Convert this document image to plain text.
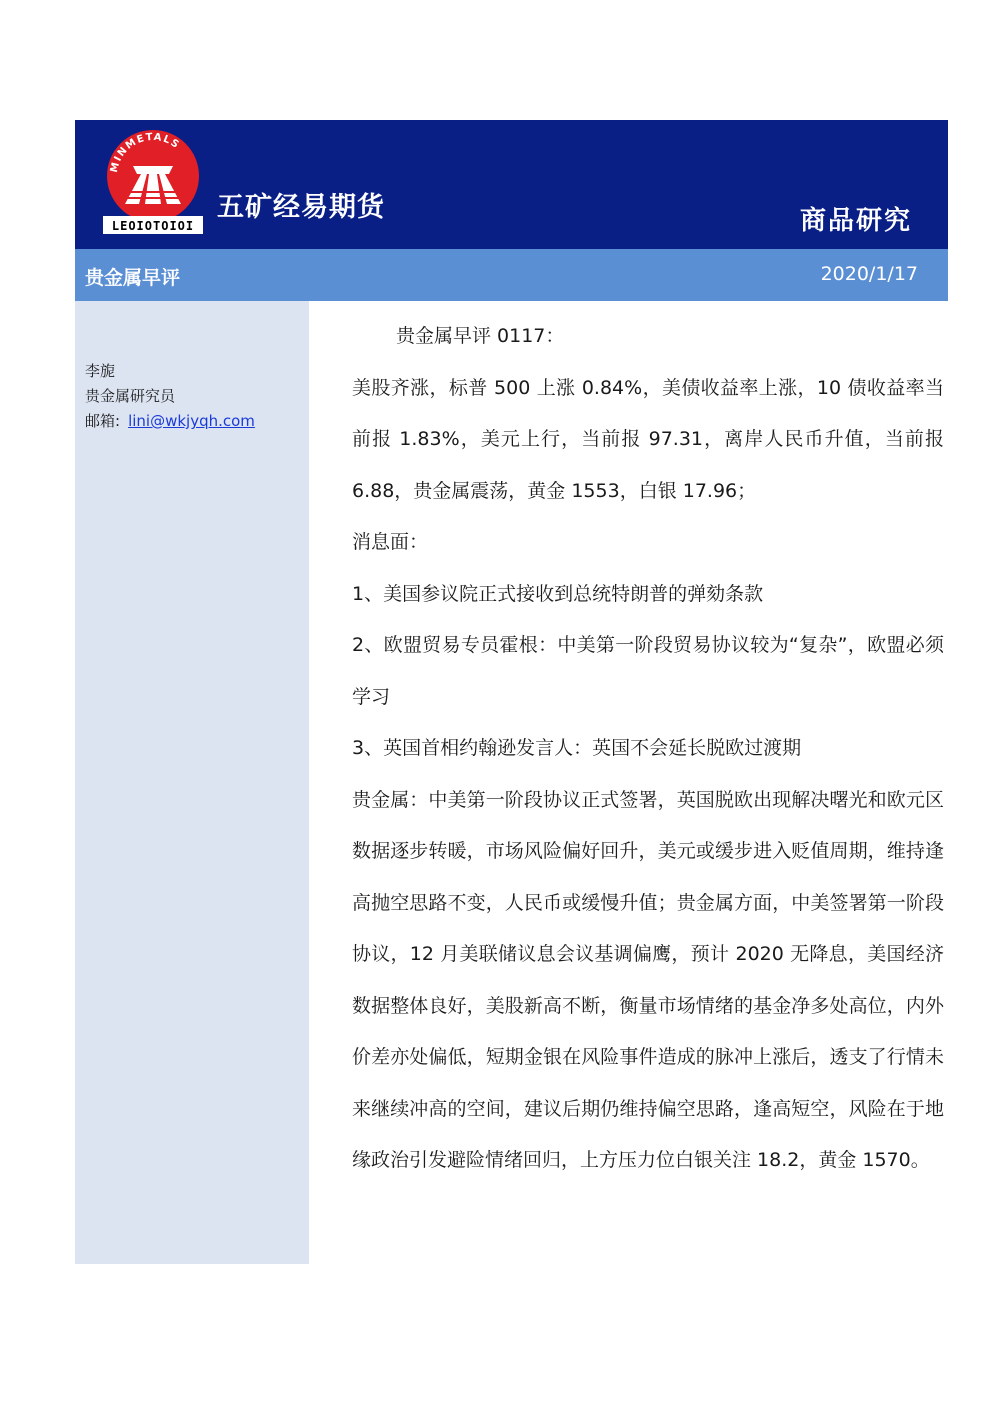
MINMETALS
LEOIOTOIOI
五矿经易期货	商品研究
贵金属早评	2020/1/17
李旎
贵金属研究员
邮箱: lini@wkjyqh.com

贵金属早评 0117：

美股齐涨，标普 500 上涨 0.84%，美债收益率上涨，10 债收益率当前报 1.83%，美元上行，当前报 97.31，离岸人民币升值，当前报 6.88，贵金属震荡，黄金 1553，白银 17.96；

消息面：

1、美国参议院正式接收到总统特朗普的弹劾条款

2、欧盟贸易专员霍根：中美第一阶段贸易协议较为“复杂”，欧盟必须学习

3、英国首相约翰逊发言人：英国不会延长脱欧过渡期

贵金属：中美第一阶段协议正式签署，英国脱欧出现解决曙光和欧元区数据逐步转暖，市场风险偏好回升，美元或缓步进入贬值周期，维持逢高抛空思路不变，人民币或缓慢升值；贵金属方面，中美签署第一阶段协议，12 月美联储议息会议基调偏鹰，预计 2020 无降息，美国经济数据整体良好，美股新高不断，衡量市场情绪的基金净多处高位，内外价差亦处偏低，短期金银在风险事件造成的脉冲上涨后，透支了行情未来继续冲高的空间，建议后期仍维持偏空思路，逢高短空，风险在于地缘政治引发避险情绪回归，上方压力位白银关注 18.2，黄金 1570。
